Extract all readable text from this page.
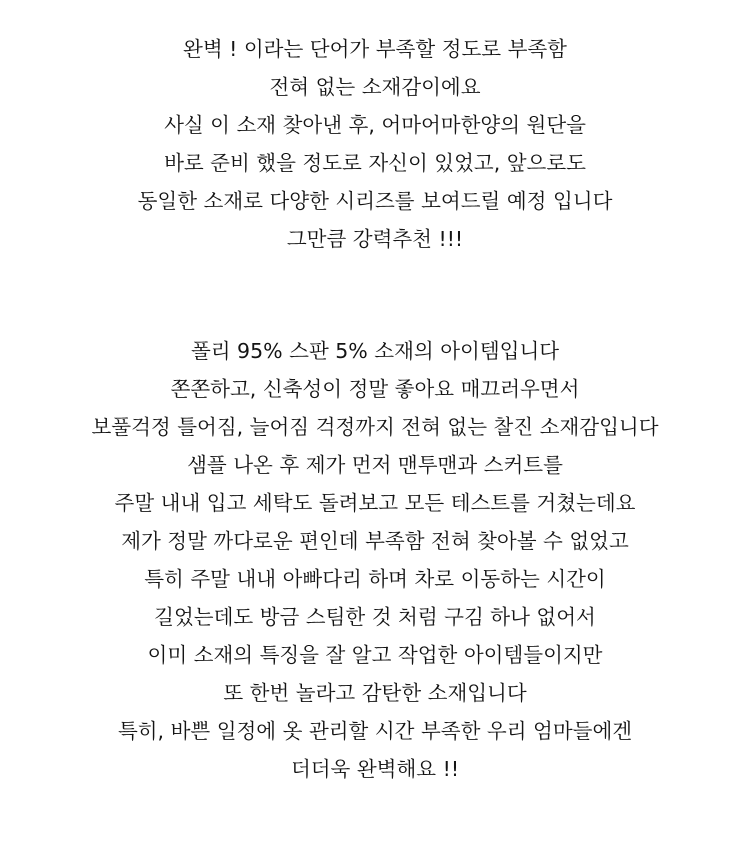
완벽 ! 이라는 단어가 부족할 정도로 부족함
전혀 없는 소재감이에요
사실 이 소재 찾아낸 후, 어마어마한양의 원단을
바로 준비 했을 정도로 자신이 있었고, 앞으로도
동일한 소재로 다양한 시리즈를 보여드릴 예정 입니다
그만큼 강력추천 !!!
폴리 95% 스판 5% 소재의 아이템입니다
쫀쫀하고, 신축성이 정말 좋아요 매끄러우면서
보풀걱정 틀어짐, 늘어짐 걱정까지 전혀 없는 찰진 소재감입니다
샘플 나온 후 제가 먼저 맨투맨과 스커트를
주말 내내 입고 세탁도 돌려보고 모든 테스트를 거쳤는데요
제가 정말 까다로운 편인데 부족함 전혀 찾아볼 수 없었고
특히 주말 내내 아빠다리 하며 차로 이동하는 시간이
길었는데도 방금 스팀한 것 처럼 구김 하나 없어서
이미 소재의 특징을 잘 알고 작업한 아이템들이지만
또 한번 놀라고 감탄한 소재입니다
특히, 바쁜 일정에 옷 관리할 시간 부족한 우리 엄마들에겐
더더욱 완벽해요 !!
